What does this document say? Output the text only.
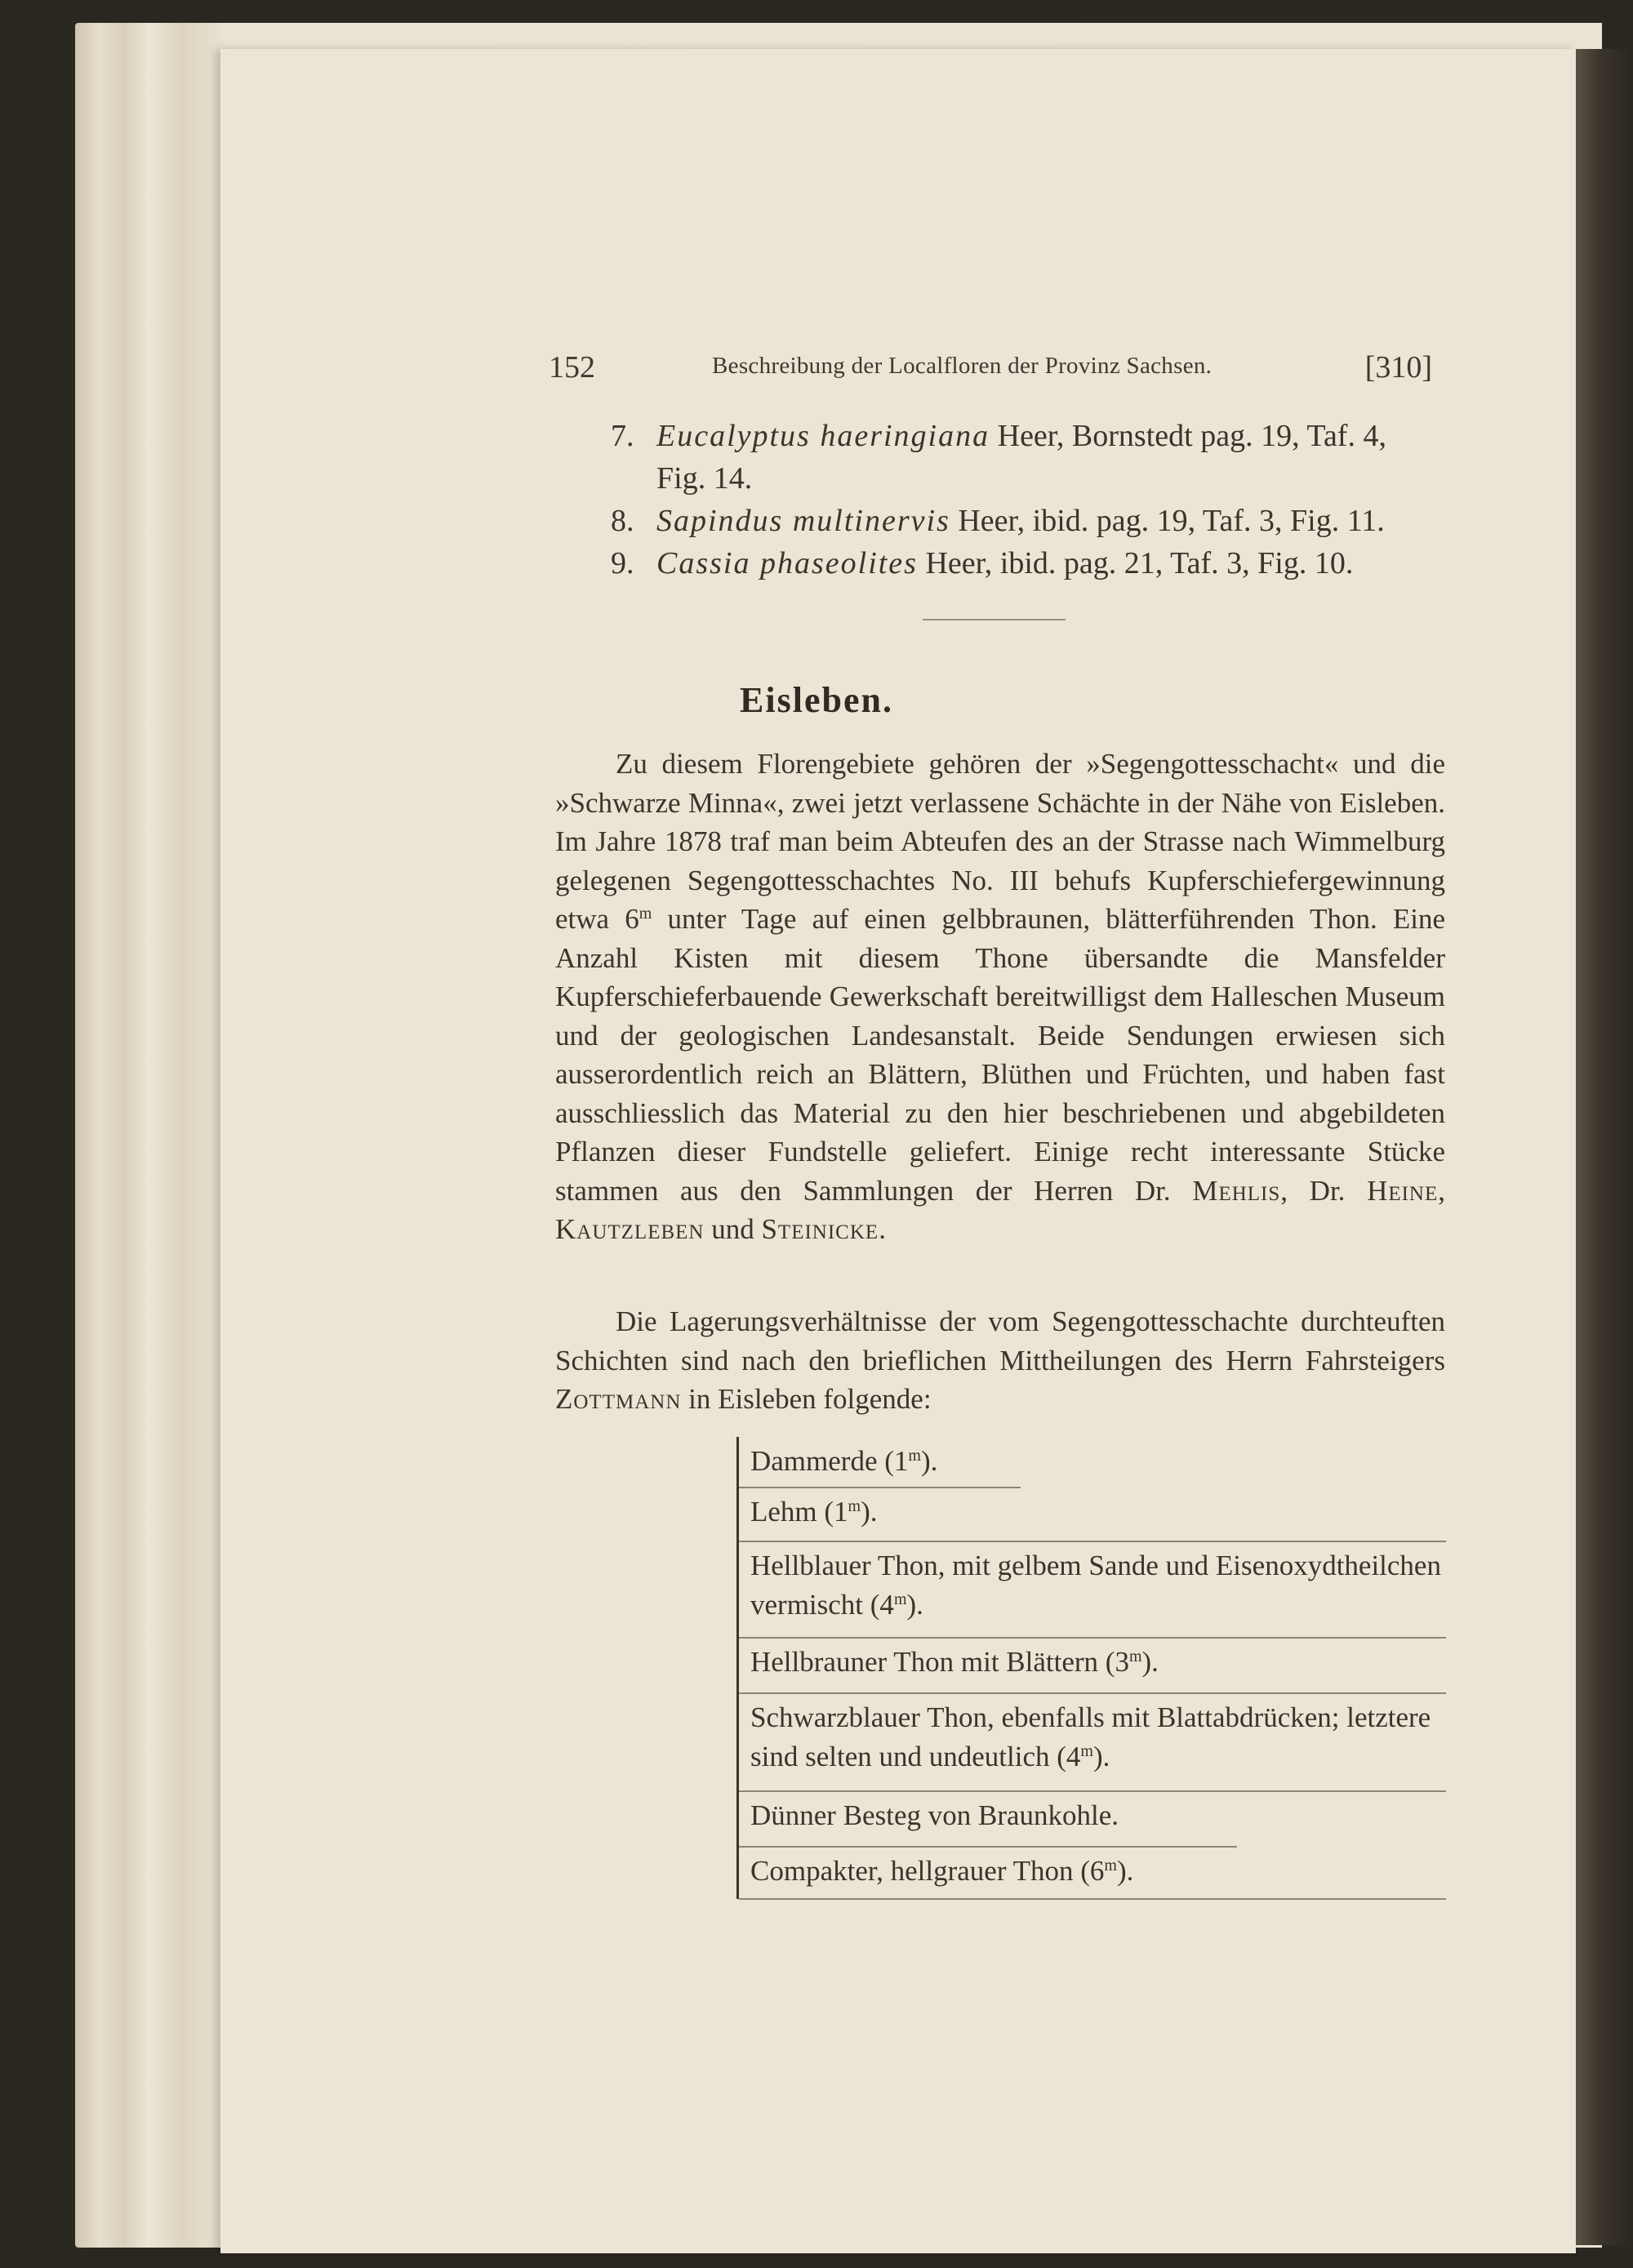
152	Beschreibung der Localfloren der Provinz Sachsen.	[310]
7. Eucalyptus haeringiana Heer, Bornstedt pag. 19, Taf. 4,
Fig. 14.
8. Sapindus multinervis Heer, ibid. pag. 19, Taf. 3, Fig. 11.
9. Cassia phaseolites Heer, ibid. pag. 21, Taf. 3, Fig. 10.
Eisleben.
Zu diesem Florengebiete gehören der »Segengottesschacht« und die »Schwarze Minna«, zwei jetzt verlassene Schächte in der Nähe von Eisleben. Im Jahre 1878 traf man beim Abteufen des an der Strasse nach Wimmelburg gelegenen Segengottesschachtes No. III behufs Kupferschiefergewinnung etwa 6$^m$ unter Tage auf einen gelbbraunen, blätterführenden Thon. Eine Anzahl Kisten mit diesem Thone übersandte die Mansfelder Kupferschieferbauende Gewerkschaft bereitwilligst dem Halleschen Museum und der geologischen Landesanstalt. Beide Sendungen erwiesen sich ausserordentlich reich an Blättern, Blüthen und Früchten, und haben fast ausschliesslich das Material zu den hier beschriebenen und abgebildeten Pflanzen dieser Fundstelle geliefert. Einige recht interessante Stücke stammen aus den Sammlungen der Herren Dr. Mehlis, Dr. Heine, Kautzleben und Steinicke.
Die Lagerungsverhältnisse der vom Segengottesschachte durchteuften Schichten sind nach den brieflichen Mittheilungen des Herrn Fahrsteigers Zottmann in Eisleben folgende:
Dammerde (1$^m$).
Lehm (1$^m$).
Hellblauer Thon, mit gelbem Sande und Eisenoxydtheilchen vermischt (4$^m$).
Hellbrauner Thon mit Blättern (3$^m$).
Schwarzblauer Thon, ebenfalls mit Blattabdrücken; letztere sind selten und undeutlich (4$^m$).
Dünner Besteg von Braunkohle.
Compakter, hellgrauer Thon (6$^m$).
